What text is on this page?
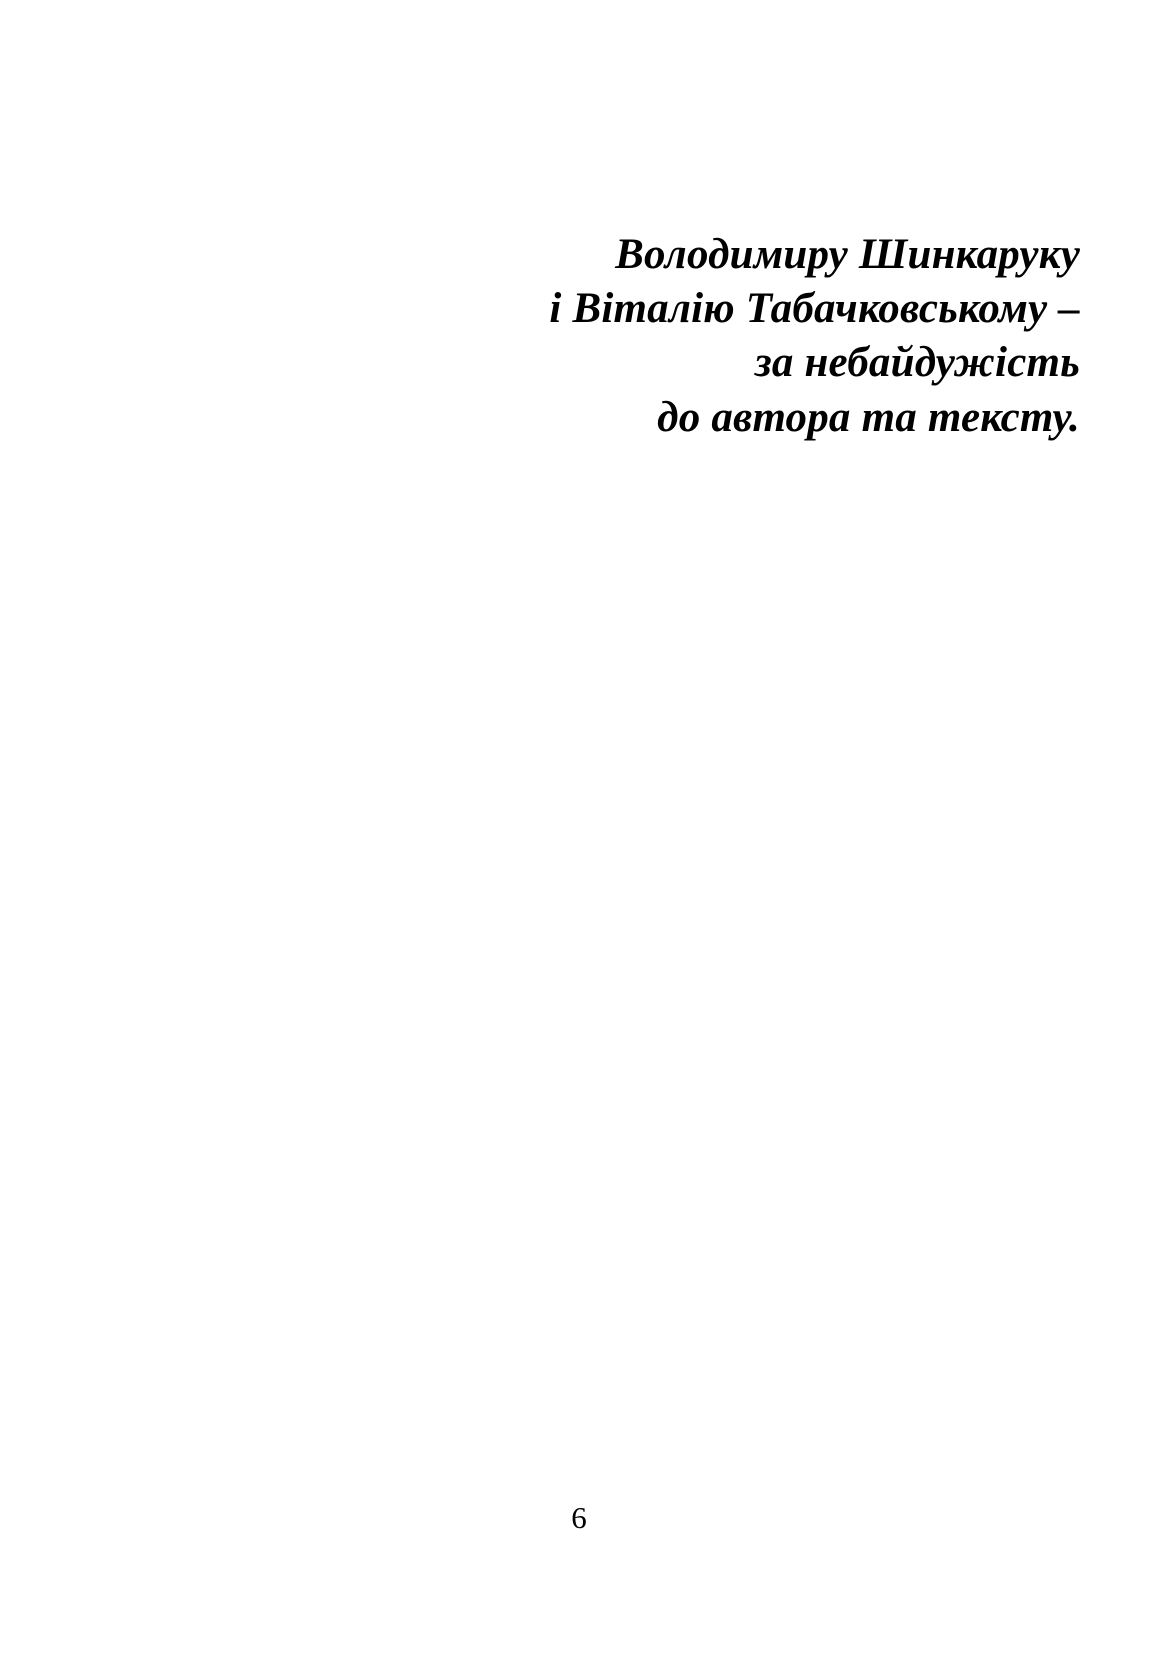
Володимиру Шинкаруку
і Віталію Табачковському –
за небайдужість
до автора та тексту.
6
